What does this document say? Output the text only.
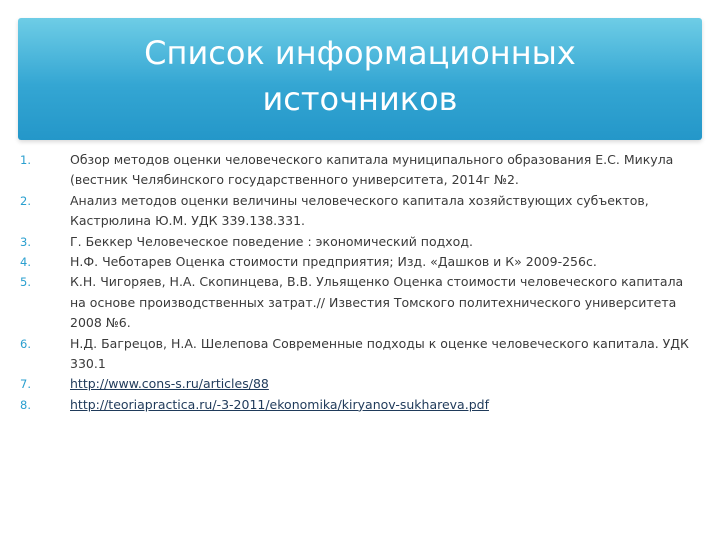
Список информационных
источников
1.	Обзор методов оценки человеческого капитала муниципального образования Е.С. Микула (вестник Челябинского государственного университета, 2014г №2.
2.	Анализ методов оценки величины человеческого капитала хозяйствующих субъектов, Кастрюлина Ю.М. УДК 339.138.331.
3.	Г. Беккер Человеческое поведение : экономический подход.
4.	Н.Ф. Чеботарев Оценка стоимости предприятия; Изд. «Дашков и К» 2009-256с.
5.	К.Н. Чигоряев, Н.А. Скопинцева, В.В. Ульященко Оценка стоимости человеческого капитала на основе производственных затрат.// Известия Томского политехнического университета 2008 №6.
6.	Н.Д. Багрецов, Н.А. Шелепова Современные подходы к оценке человеческого капитала. УДК 330.1
7.	http://www.cons-s.ru/articles/88
8.	http://teoriapractica.ru/-3-2011/ekonomika/kiryanov-sukhareva.pdf
